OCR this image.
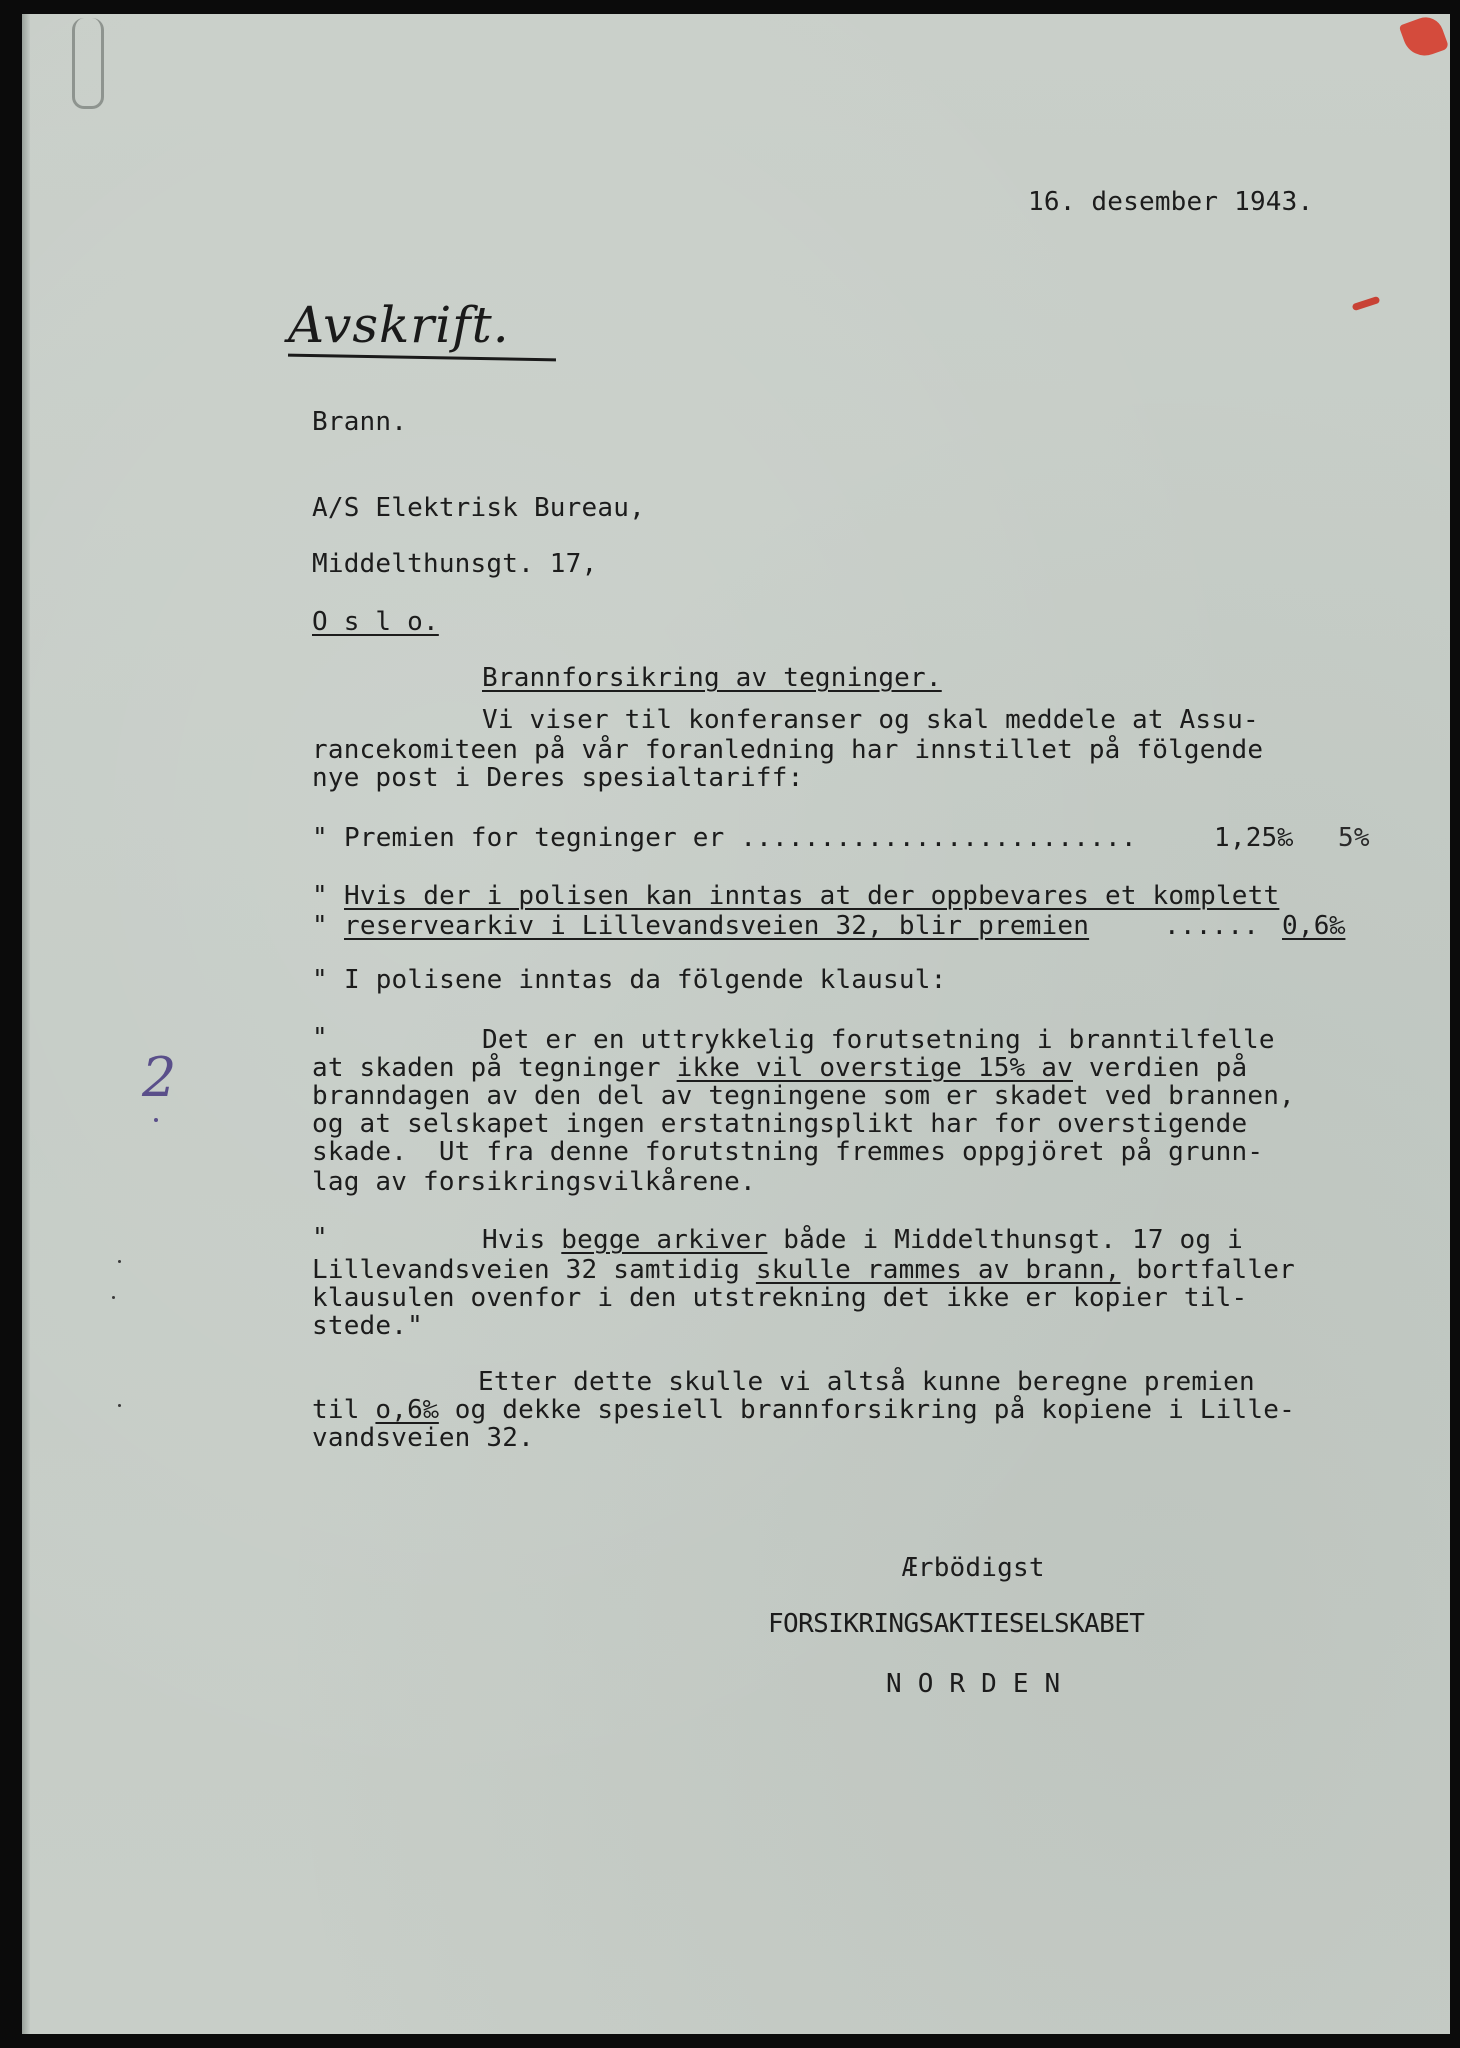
16. desember 1943.
Avskrift.
Brann.
A/S Elektrisk Bureau,
Middelthunsgt. 17,
O s l o.
Brannforsikring av tegninger.
Vi viser til konferanser og skal meddele at Assu-
rancekomiteen på vår foranledning har innstillet på fölgende
nye post i Deres spesialtariff:
" Premien for tegninger er .........................	1,25‰ 5%
" Hvis der i polisen kan inntas at der oppbevares et komplett
" reservearkiv i Lillevandsveien 32, blir premien	...... 0,6‰
" I polisene inntas da fölgende klausul:
"	Det er en uttrykkelig forutsetning i branntilfelle
at skaden på tegninger ikke vil overstige 15% av verdien på
branndagen av den del av tegningene som er skadet ved brannen,
og at selskapet ingen erstatningsplikt har for overstigende
skade.  Ut fra denne forutstning fremmes oppgjöret på grunn-
lag av forsikringsvilkårene.
"	Hvis begge arkiver både i Middelthunsgt. 17 og i
Lillevandsveien 32 samtidig skulle rammes av brann, bortfaller
klausulen ovenfor i den utstrekning det ikke er kopier til-
stede."
Etter dette skulle vi altså kunne beregne premien
til o,6‰ og dekke spesiell brannforsikring på kopiene i Lille-
vandsveien 32.
Ærbödigst
FORSIKRINGSAKTIESELSKABET
N O R D E N
2
